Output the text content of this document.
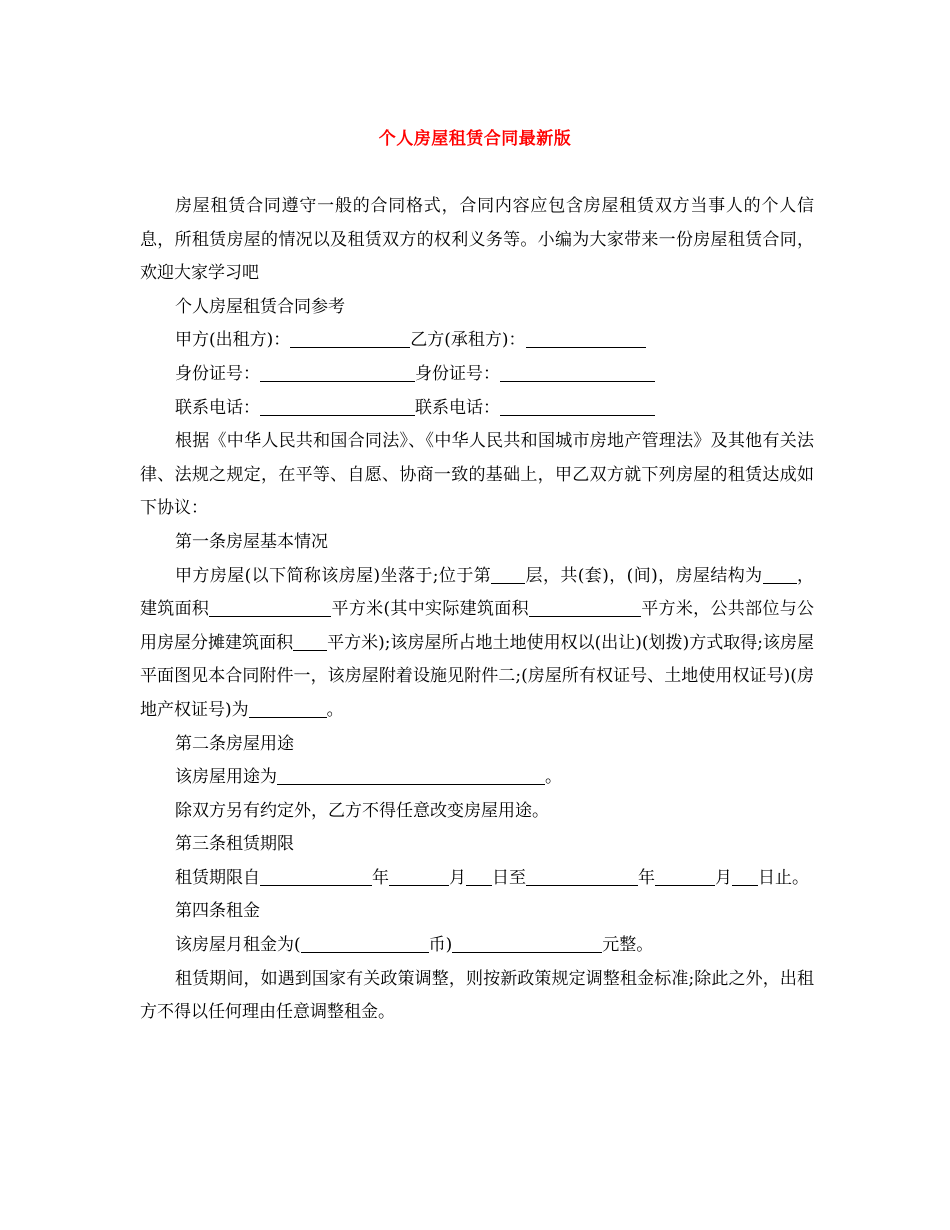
个人房屋租赁合同最新版

房屋租赁合同遵守一般的合同格式，合同内容应包含房屋租赁双方当事人的个人信息，所租赁房屋的情况以及租赁双方的权利义务等。小编为大家带来一份房屋租赁合同，欢迎大家学习吧

个人房屋租赁合同参考

甲方(出租方)：	乙方(承租方)：

身份证号：	身份证号：

联系电话：	联系电话：

根据《中华人民共和国合同法》、《中华人民共和国城市房地产管理法》及其他有关法律、法规之规定，在平等、自愿、协商一致的基础上，甲乙双方就下列房屋的租赁达成如下协议：

第一条房屋基本情况

甲方房屋(以下简称该房屋)坐落于;位于第 层，共(套)，(间)，房屋结构为 ，建筑面积	平方米(其中实际建筑面积	平方米，公共部位与公用房屋分摊建筑面积 平方米);该房屋所占地土地使用权以(出让)(划拨)方式取得;该房屋平面图见本合同附件一，该房屋附着设施见附件二;(房屋所有权证号、土地使用权证号)(房地产权证号)为	。

第二条房屋用途

该房屋用途为	。

除双方另有约定外，乙方不得任意改变房屋用途。

第三条租赁期限

租赁期限自	年	月 日至	年	月 日止。

第四条租金

该房屋月租金为(	币)	元整。

租赁期间，如遇到国家有关政策调整，则按新政策规定调整租金标准;除此之外，出租方不得以任何理由任意调整租金。
